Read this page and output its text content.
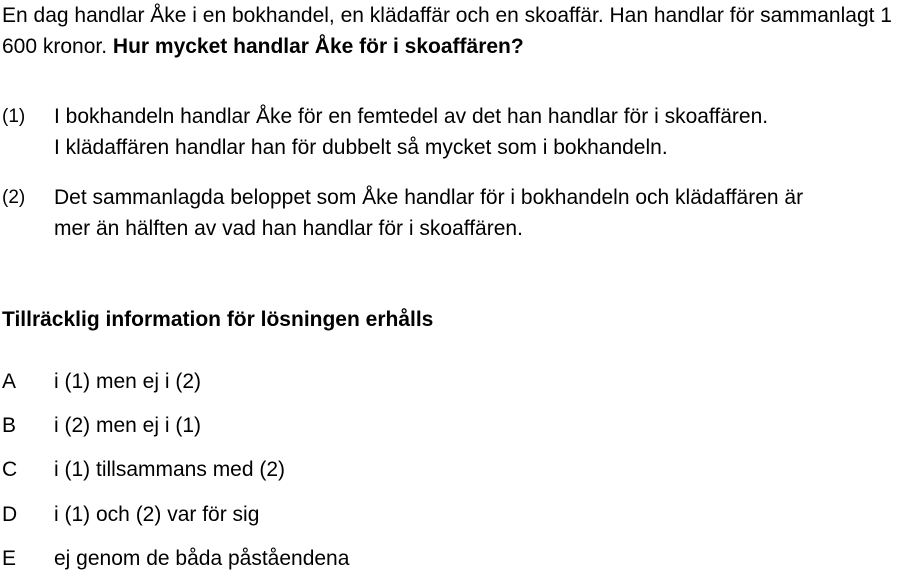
En dag handlar Åke i en bokhandel, en klädaffär och en skoaffär. Han handlar för sammanlagt 1 600 kronor. Hur mycket handlar Åke för i skoaffären?

(1) I bokhandeln handlar Åke för en femtedel av det han handlar för i skoaffären.
I klädaffären handlar han för dubbelt så mycket som i bokhandeln.
(2) Det sammanlagda beloppet som Åke handlar för i bokhandeln och klädaffären är
mer än hälften av vad han handlar för i skoaffären.

Tillräcklig information för lösningen erhålls

A i (1) men ej i (2)
B i (2) men ej i (1)
C i (1) tillsammans med (2)
D i (1) och (2) var för sig
E ej genom de båda påståendena
